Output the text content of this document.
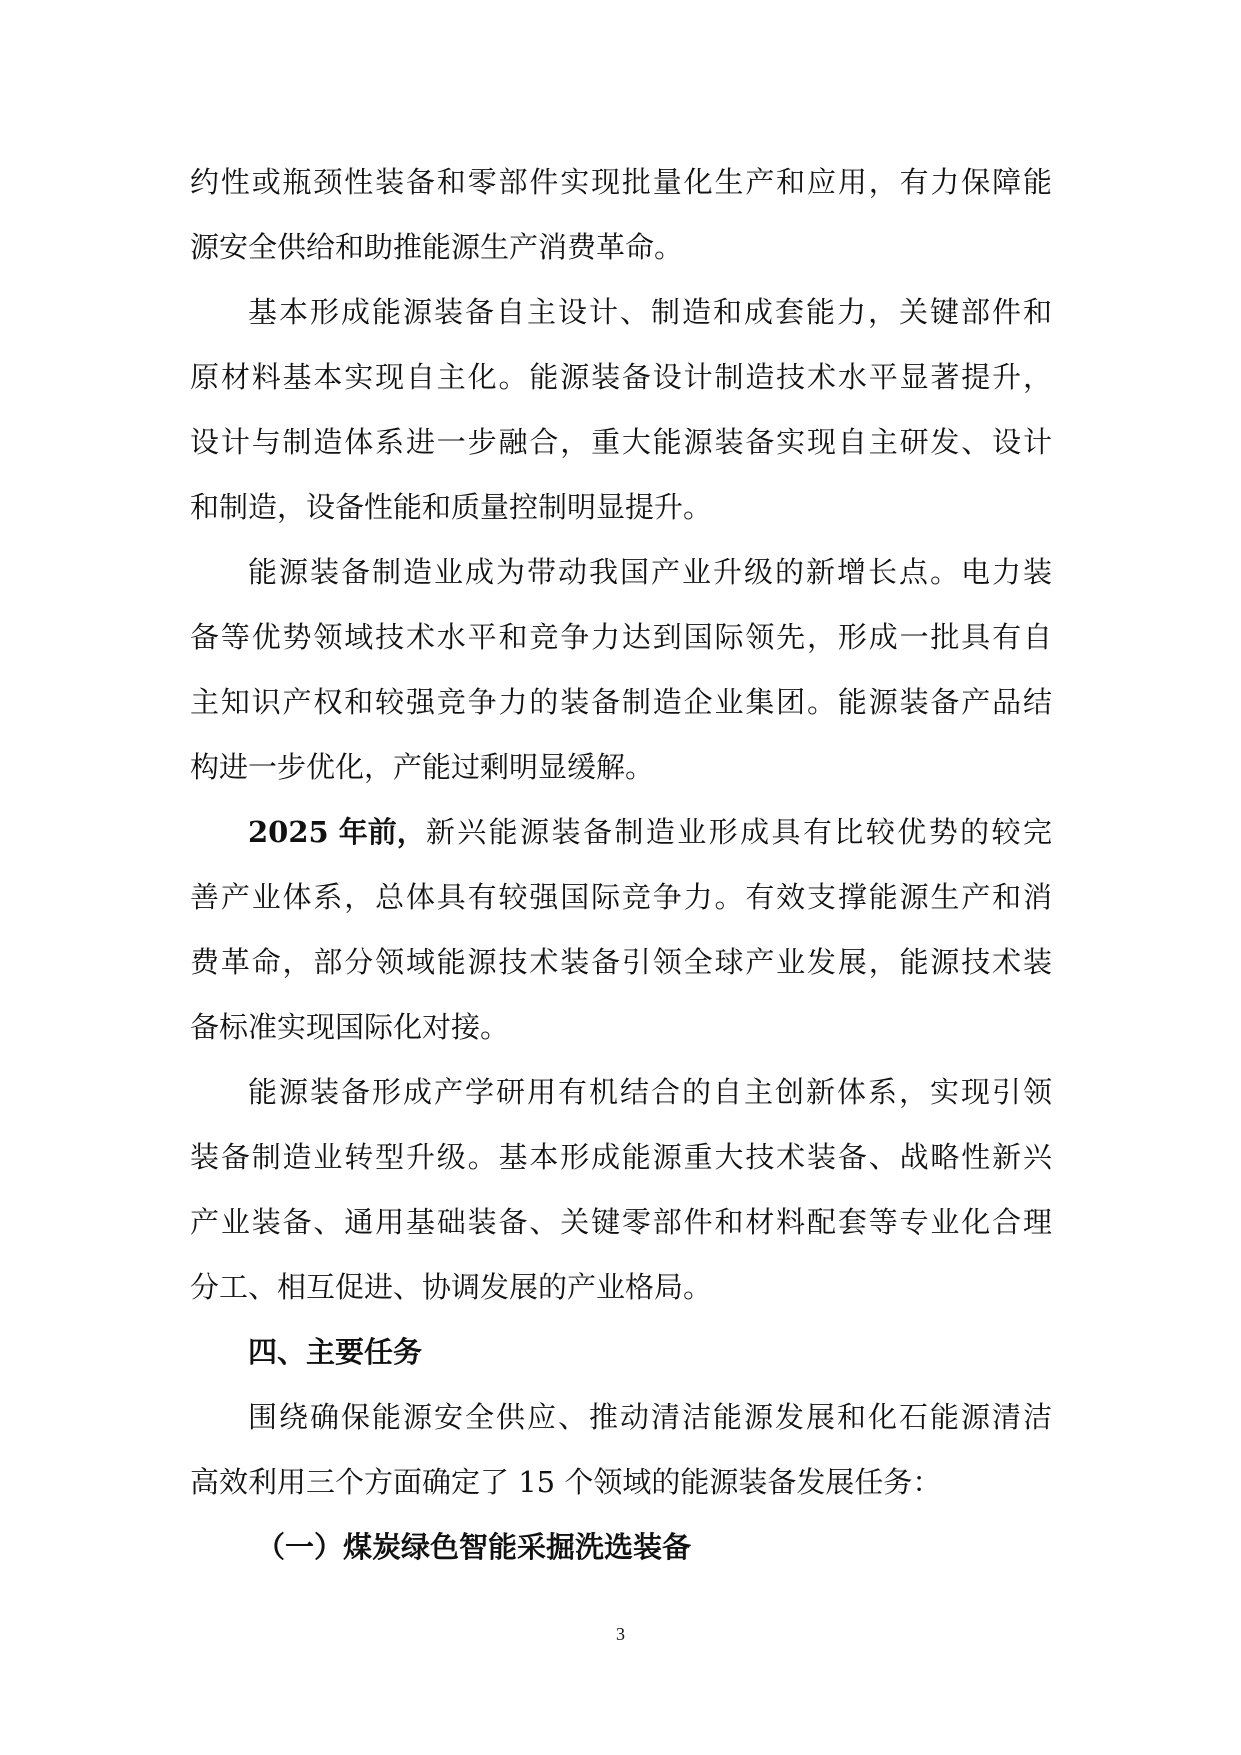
约性或瓶颈性装备和零部件实现批量化生产和应用，有力保障能
源安全供给和助推能源生产消费革命。
基本形成能源装备自主设计、制造和成套能力，关键部件和
原材料基本实现自主化。能源装备设计制造技术水平显著提升，
设计与制造体系进一步融合，重大能源装备实现自主研发、设计
和制造，设备性能和质量控制明显提升。
能源装备制造业成为带动我国产业升级的新增长点。电力装
备等优势领域技术水平和竞争力达到国际领先，形成一批具有自
主知识产权和较强竞争力的装备制造企业集团。能源装备产品结
构进一步优化，产能过剩明显缓解。
2025 年前， 新兴能源装备制造业形成具有比较优势的较完
善产业体系，总体具有较强国际竞争力。有效支撑能源生产和消
费革命，部分领域能源技术装备引领全球产业发展，能源技术装
备标准实现国际化对接。
能源装备形成产学研用有机结合的自主创新体系，实现引领
装备制造业转型升级。基本形成能源重大技术装备、战略性新兴
产业装备、通用基础装备、关键零部件和材料配套等专业化合理
分工、相互促进、协调发展的产业格局。
四、主要任务
围绕确保能源安全供应、推动清洁能源发展和化石能源清洁
高效利用三个方面确定了 15 个领域的能源装备发展任务：
（一）煤炭绿色智能采掘洗选装备
3
